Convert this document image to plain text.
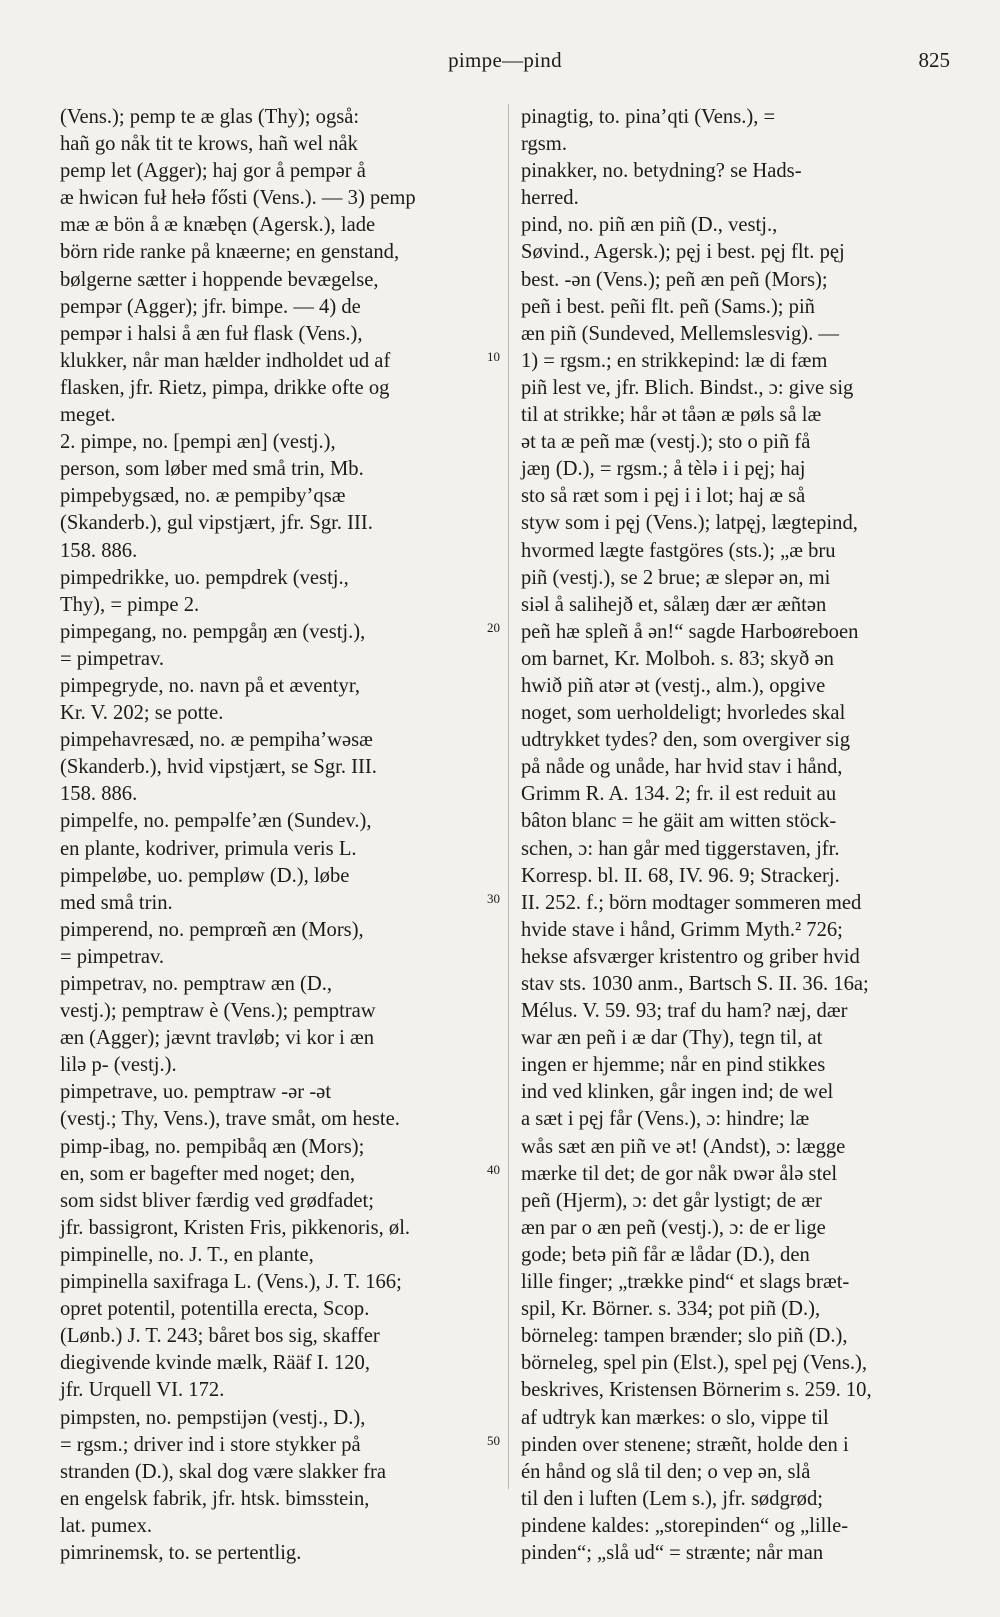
pimpe—pind	825
(Vens.); pemp te æ glas (Thy); også:
hañ go nåk tit te krows, hañ wel nåk
pemp let (Agger); haj gor å pempər å
æ hwicən fuł hełə fősti (Vens.). — 3) pemp
mæ æ bön å æ knæbęn (Agersk.), lade
börn ride ranke på knæerne; en genstand,
bølgerne sætter i hoppende bevægelse,
pempər (Agger); jfr. bimpe. — 4) de
pempər i halsi å æn fuł flask (Vens.),
klukker, når man hælder indholdet ud af
flasken, jfr. Rietz, pimpa, drikke ofte og
meget.
2. pimpe, no. [pempi æn] (vestj.),
person, som løber med små trin, Mb.
pimpebygsæd, no. æ pempibyʼqsæ
(Skanderb.), gul vipstjært, jfr. Sgr. III.
158. 886.
pimpedrikke, uo. pempdrek (vestj.,
Thy), = pimpe 2.
pimpegang, no. pempgåŋ æn (vestj.),
= pimpetrav.
pimpegryde, no. navn på et æventyr,
Kr. V. 202; se potte.
pimpehavresæd, no. æ pempihaʼwəsæ
(Skanderb.), hvid vipstjært, se Sgr. III.
158. 886.
pimpelfe, no. pempəlfeʼæn (Sundev.),
en plante, kodriver, primula veris L.
pimpeløbe, uo. pempløw (D.), løbe
med små trin.
pimperend, no. pemprœñ æn (Mors),
= pimpetrav.
pimpetrav, no. pemptraw æn (D.,
vestj.); pemptraw è (Vens.); pemptraw
æn (Agger); jævnt travløb; vi kor i æn
lilə p- (vestj.).
pimpetrave, uo. pemptraw -ər -ət
(vestj.; Thy, Vens.), trave småt, om heste.
pimp-ibag, no. pempibåq æn (Mors);
en, som er bagefter med noget; den,
som sidst bliver færdig ved grødfadet;
jfr. bassigront, Kristen Fris, pikkenoris, øl.
pimpinelle, no. J. T., en plante,
pimpinella saxifraga L. (Vens.), J. T. 166;
opret potentil, potentilla erecta, Scop.
(Lønb.) J. T. 243; båret bos sig, skaffer
diegivende kvinde mælk, Rääf I. 120,
jfr. Urquell VI. 172.
pimpsten, no. pempstijən (vestj., D.),
= rgsm.; driver ind i store stykker på
stranden (D.), skal dog være slakker fra
en engelsk fabrik, jfr. htsk. bimsstein,
lat. pumex.
pimrinemsk, to. se pertentlig.
10
20
30
40
50
pinagtig, to. pinaʼqti (Vens.), =
rgsm.
pinakker, no. betydning? se Hads-
herred.
pind, no. piñ æn piñ (D., vestj.,
Søvind., Agersk.); pęj i best. pęj flt. pęj
best. -ən (Vens.); peñ æn peñ (Mors);
peñ i best. peñi flt. peñ (Sams.); piñ
æn piñ (Sundeved, Mellemslesvig). —
1) = rgsm.; en strikkepind: læ di fæm
piñ lest ve, jfr. Blich. Bindst., ɔ: give sig
til at strikke; hår ət tåən æ pøls så læ
ət ta æ peñ mæ (vestj.); sto o piñ få
jæŋ (D.), = rgsm.; å tèlə i i pęj; haj
sto så ræt som i pęj i i lot; haj æ så
styw som i pęj (Vens.); latpęj, lægtepind,
hvormed lægte fastgöres (sts.); „æ bru
piñ (vestj.), se 2 brue; æ slepər ən, mi
siəl å salihejð et, sålæŋ dær ær æñtən
peñ hæ spleñ å ən!“ sagde Harboøreboen
om barnet, Kr. Molboh. s. 83; skyð ən
hwið piñ atər ət (vestj., alm.), opgive
noget, som uerholdeligt; hvorledes skal
udtrykket tydes? den, som overgiver sig
på nåde og unåde, har hvid stav i hånd,
Grimm R. A. 134. 2; fr. il est reduit au
bâton blanc = he gäit am witten stöck-
schen, ɔ: han går med tiggerstaven, jfr.
Korresp. bl. II. 68, IV. 96. 9; Strackerj.
II. 252. f.; börn modtager sommeren med
hvide stave i hånd, Grimm Myth.² 726;
hekse afsværger kristentro og griber hvid
stav sts. 1030 anm., Bartsch S. II. 36. 16a;
Mélus. V. 59. 93; traf du ham? næj, dær
war æn peñ i æ dar (Thy), tegn til, at
ingen er hjemme; når en pind stikkes
ind ved klinken, går ingen ind; de wel
a sæt i pęj får (Vens.), ɔ: hindre; læ
wås sæt æn piñ ve ət! (Andst), ɔ: lægge
mærke til det; de gor nåk ɒwər ålə stel
peñ (Hjerm), ɔ: det går lystigt; de ær
æn par o æn peñ (vestj.), ɔ: de er lige
gode; betə piñ får æ lådar (D.), den
lille finger; „trække pind“ et slags bræt-
spil, Kr. Börner. s. 334; pot piñ (D.),
börneleg: tampen brænder; slo piñ (D.),
börneleg, spel pin (Elst.), spel pęj (Vens.),
beskrives, Kristensen Börnerim s. 259. 10,
af udtryk kan mærkes: o slo, vippe til
pinden over stenene; stræñt, holde den i
én hånd og slå til den; o vep ən, slå
til den i luften (Lem s.), jfr. sødgrød;
pindene kaldes: „storepinden“ og „lille-
pinden“; „slå ud“ = strænte; når man
